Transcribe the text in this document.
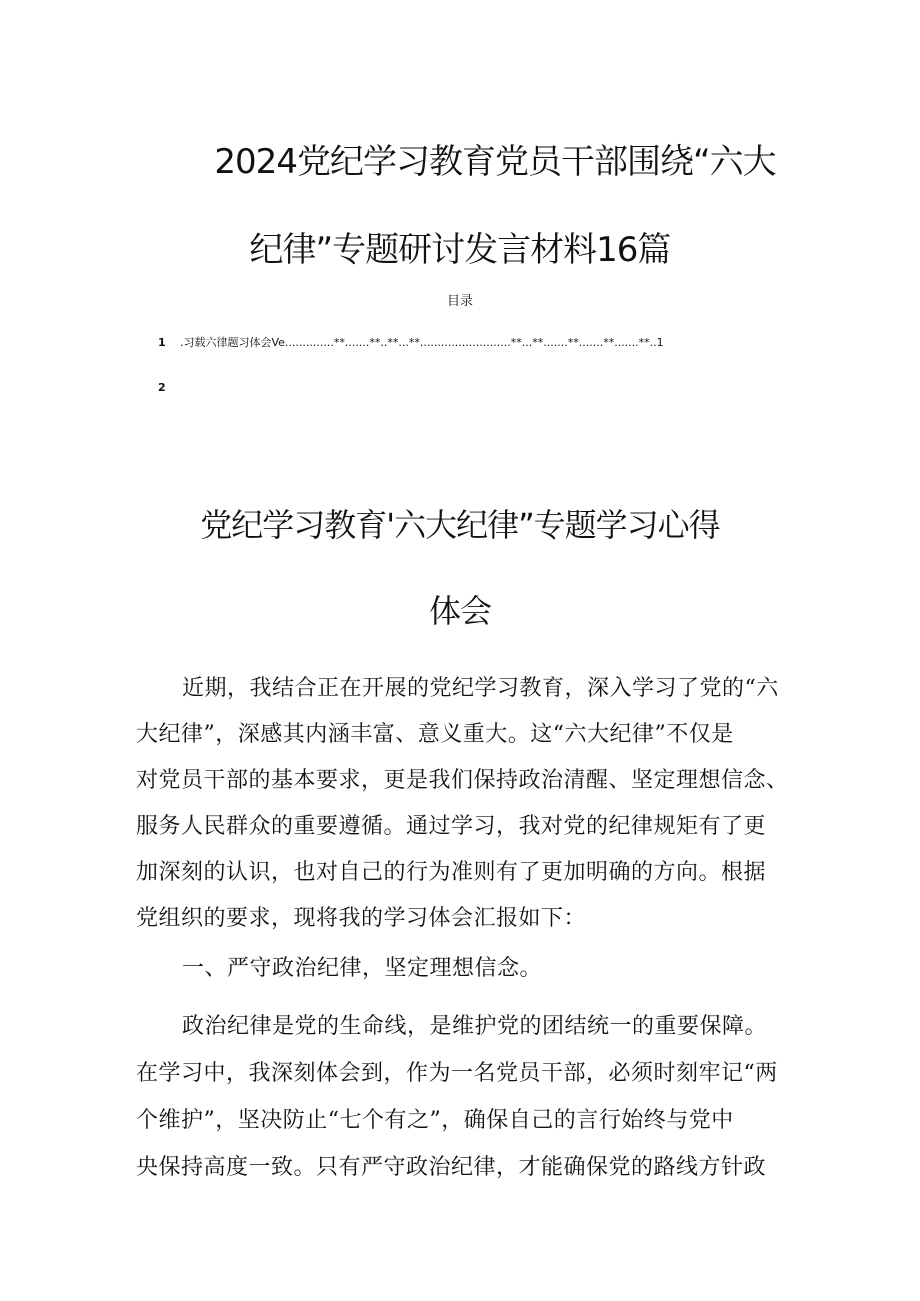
2024党纪学习教育党员干部围绕“六大
纪律”专题研讨发言材料16篇
目录
1 .习载六律题习体会Ve..............**.......**..**...**..........................**...**.......**.......**.......**..1
2
党纪学习教育'六大纪律”专题学习心得
体会
近期，我结合正在开展的党纪学习教育，深入学习了党的“六
大纪律”，深感其内涵丰富、意义重大。这“六大纪律”不仅是
对党员干部的基本要求，更是我们保持政治清醒、坚定理想信念、
服务人民群众的重要遵循。通过学习，我对党的纪律规矩有了更
加深刻的认识，也对自己的行为准则有了更加明确的方向。根据
党组织的要求，现将我的学习体会汇报如下：
一、严守政治纪律，坚定理想信念。
政治纪律是党的生命线，是维护党的团结统一的重要保障。
在学习中，我深刻体会到，作为一名党员干部，必须时刻牢记“两
个维护”，坚决防止“七个有之”，确保自己的言行始终与党中
央保持高度一致。只有严守政治纪律，才能确保党的路线方针政
